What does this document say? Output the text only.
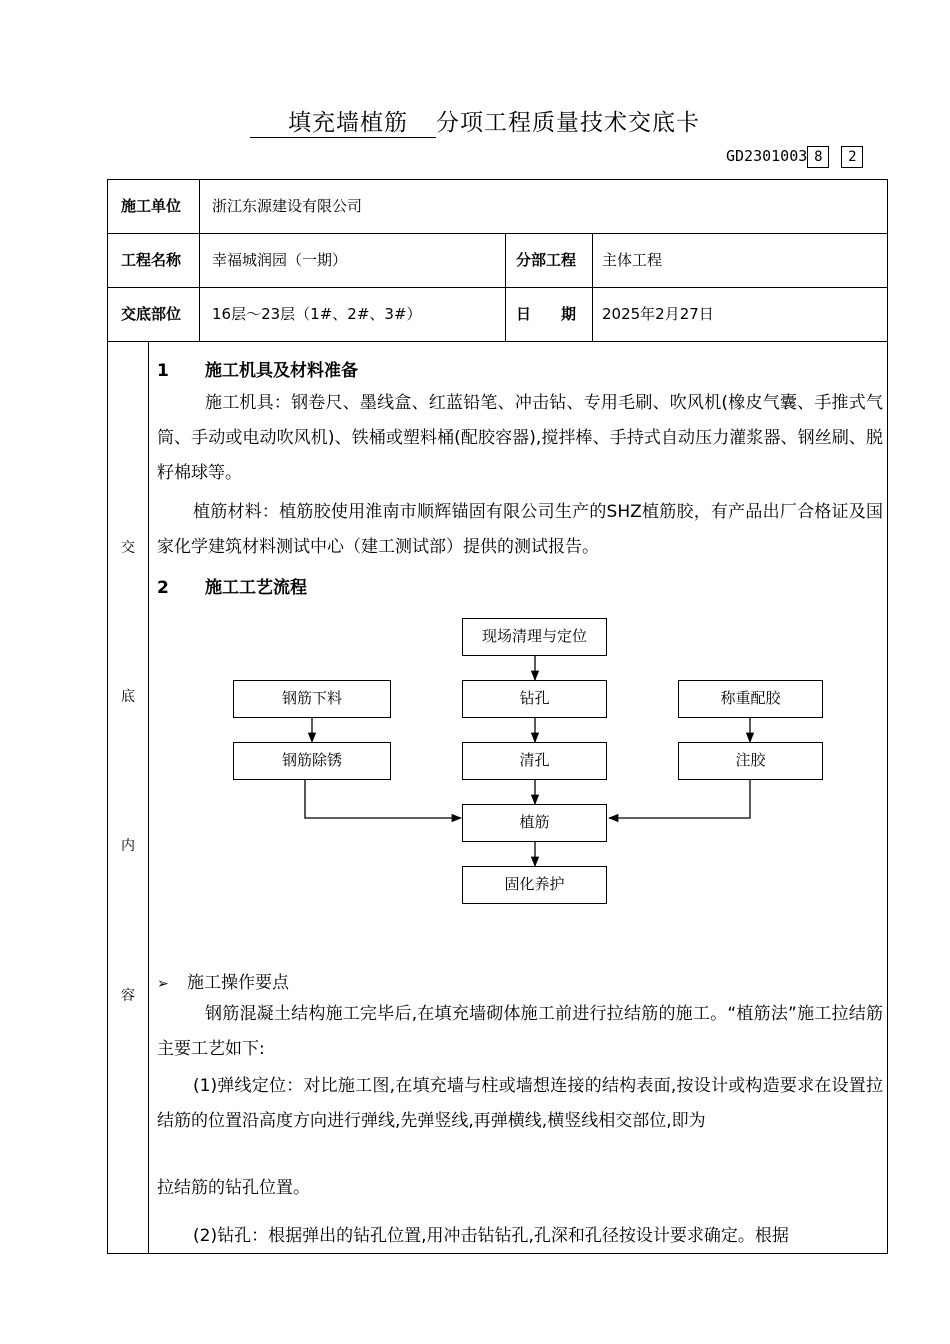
填充墙植筋 分项工程质量技术交底卡
GD2301003 8 2
施工单位 浙江东源建设有限公司
工程名称 幸福城润园（一期）	分部工程 主体工程
交底部位 16层～23层（1#、2#、3#）	日　　期 2025年2月27日
交
底
内
容
1 施工机具及材料准备
施工机具：钢卷尺、墨线盒、红蓝铅笔、冲击钻、专用毛刷、吹风机(橡皮气囊、手推式气筒、手动或电动吹风机)、铁桶或塑料桶(配胶容器),搅拌棒、手持式自动压力灌浆器、钢丝刷、脱籽棉球等。
植筋材料：植筋胶使用淮南市顺辉锚固有限公司生产的SHZ植筋胶，有产品出厂合格证及国家化学建筑材料测试中心（建工测试部）提供的测试报告。
2 施工工艺流程
现场清理与定位
钢筋下料	钻孔	称重配胶
钢筋除锈	清孔	注胶
植筋
固化养护
➢ 施工操作要点
钢筋混凝土结构施工完毕后,在填充墙砌体施工前进行拉结筋的施工。“植筋法”施工拉结筋主要工艺如下:
(1)弹线定位：对比施工图,在填充墙与柱或墙想连接的结构表面,按设计或构造要求在设置拉结筋的位置沿高度方向进行弹线,先弹竖线,再弹横线,横竖线相交部位,即为
拉结筋的钻孔位置。
(2)钻孔：根据弹出的钻孔位置,用冲击钻钻孔,孔深和孔径按设计要求确定。根据
